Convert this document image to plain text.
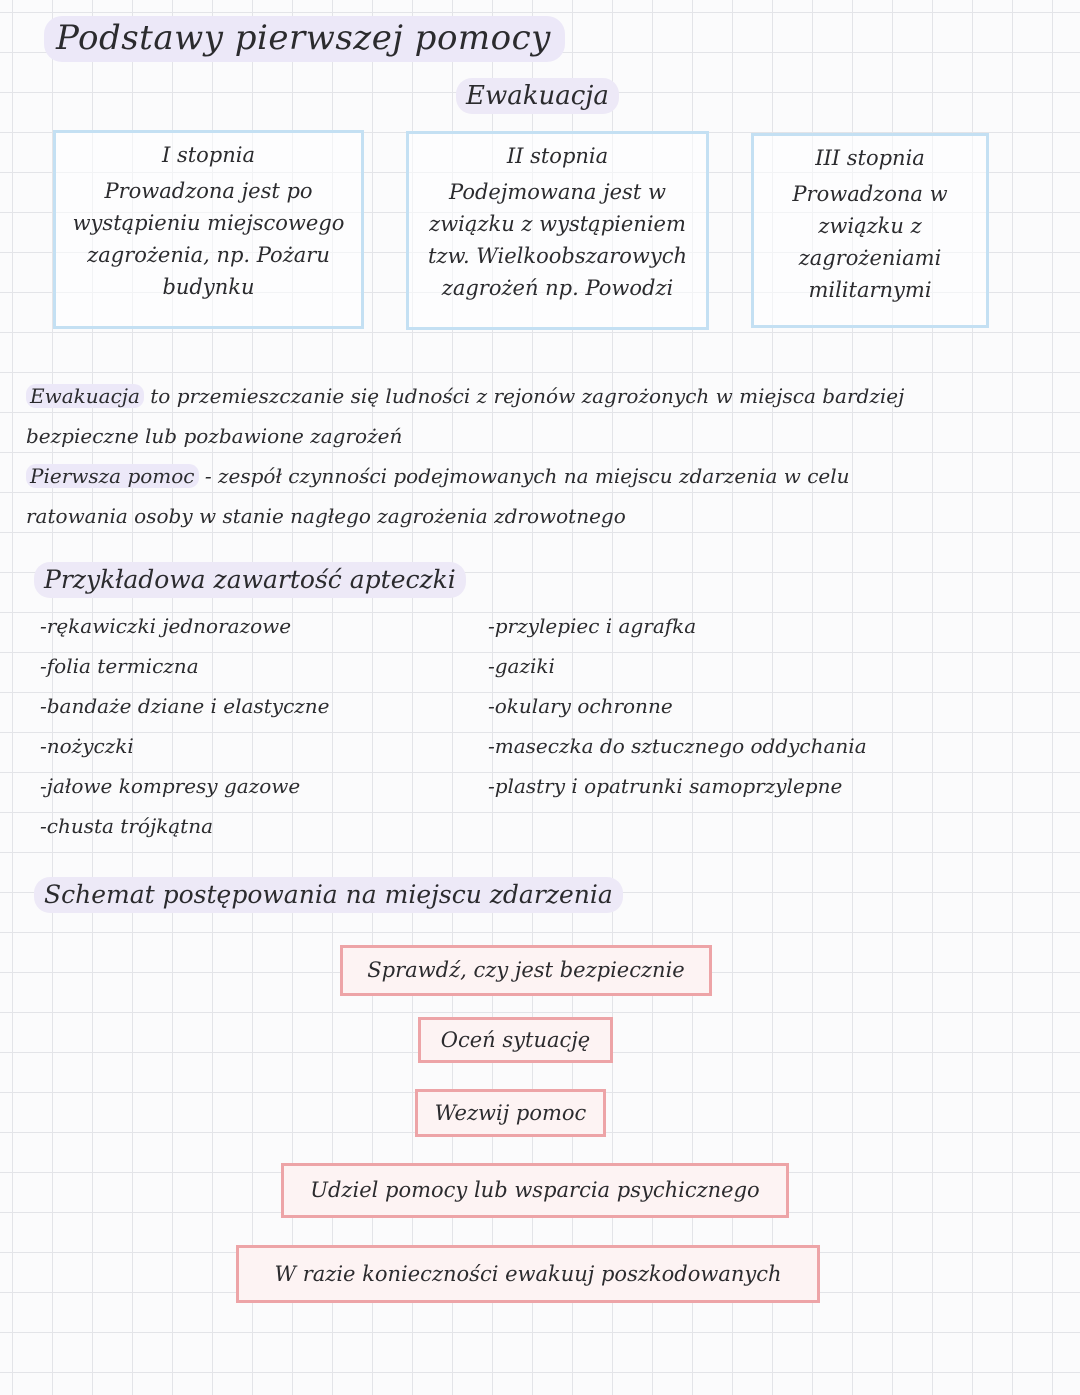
Podstawy pierwszej pomocy
Ewakuacja
I stopnia
Prowadzona jest po wystąpieniu miejscowego zagrożenia, np. Pożaru budynku
II stopnia
Podejmowana jest w związku z wystąpieniem tzw. Wielkoobszarowych zagrożeń np. Powodzi
III stopnia
Prowadzona w związku z zagrożeniami militarnymi
Ewakuacja to przemieszczanie się ludności z rejonów zagrożonych w miejsca bardziej
bezpieczne lub pozbawione zagrożeń
Pierwsza pomoc - zespół czynności podejmowanych na miejscu zdarzenia w celu
ratowania osoby w stanie nagłego zagrożenia zdrowotnego
Przykładowa zawartość apteczki
-rękawiczki jednorazowe
-folia termiczna
-bandaże dziane i elastyczne
-nożyczki
-jałowe kompresy gazowe
-chusta trójkątna
-przylepiec i agrafka
-gaziki
-okulary ochronne
-maseczka do sztucznego oddychania
-plastry i opatrunki samoprzylepne
Schemat postępowania na miejscu zdarzenia
Sprawdź, czy jest bezpiecznie
Oceń sytuację
Wezwij pomoc
Udziel pomocy lub wsparcia psychicznego
W razie konieczności ewakuuj poszkodowanych
